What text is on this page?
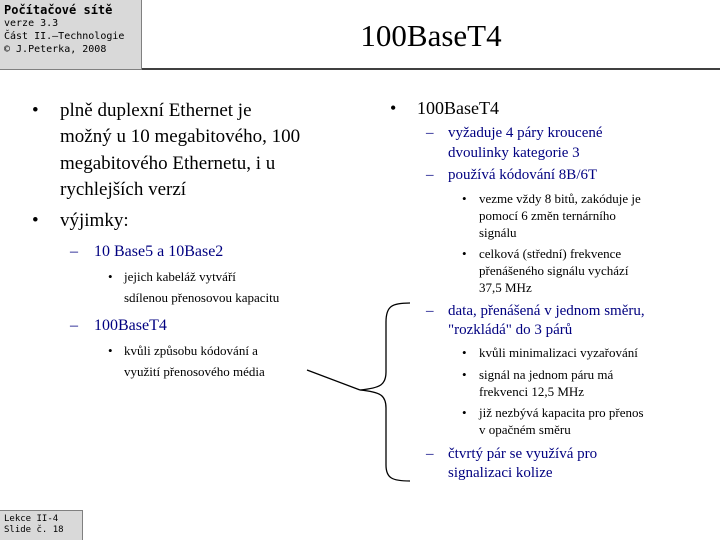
Počítačové sítě
verze 3.3
Část II.–Technologie
© J.Peterka, 2008	100BaseT4
• plně duplexní Ethernet je
možný u 10 megabitového, 100
megabitového Ethernetu, i u
rychlejších verzí
• výjimky:
– 10 Base5 a 10Base2
• jejich kabeláž vytváří
sdílenou přenosovou kapacitu
– 100BaseT4
• kvůli způsobu kódování a
využití přenosového média
• 100BaseT4
– vyžaduje 4 páry kroucené
dvoulinky kategorie 3
– používá kódování 8B/6T
• vezme vždy 8 bitů, zakóduje je
pomocí 6 změn ternárního
signálu
• celková (střední) frekvence
přenášeného signálu vychází
37,5 MHz
– data, přenášená v jednom směru,
"rozkládá" do 3 párů
• kvůli minimalizaci vyzařování
• signál na jednom páru má
frekvenci 12,5 MHz
• již nezbývá kapacita pro přenos
v opačném směru
– čtvrtý pár se využívá pro
signalizaci kolize
Lekce II-4
Slide č. 18
